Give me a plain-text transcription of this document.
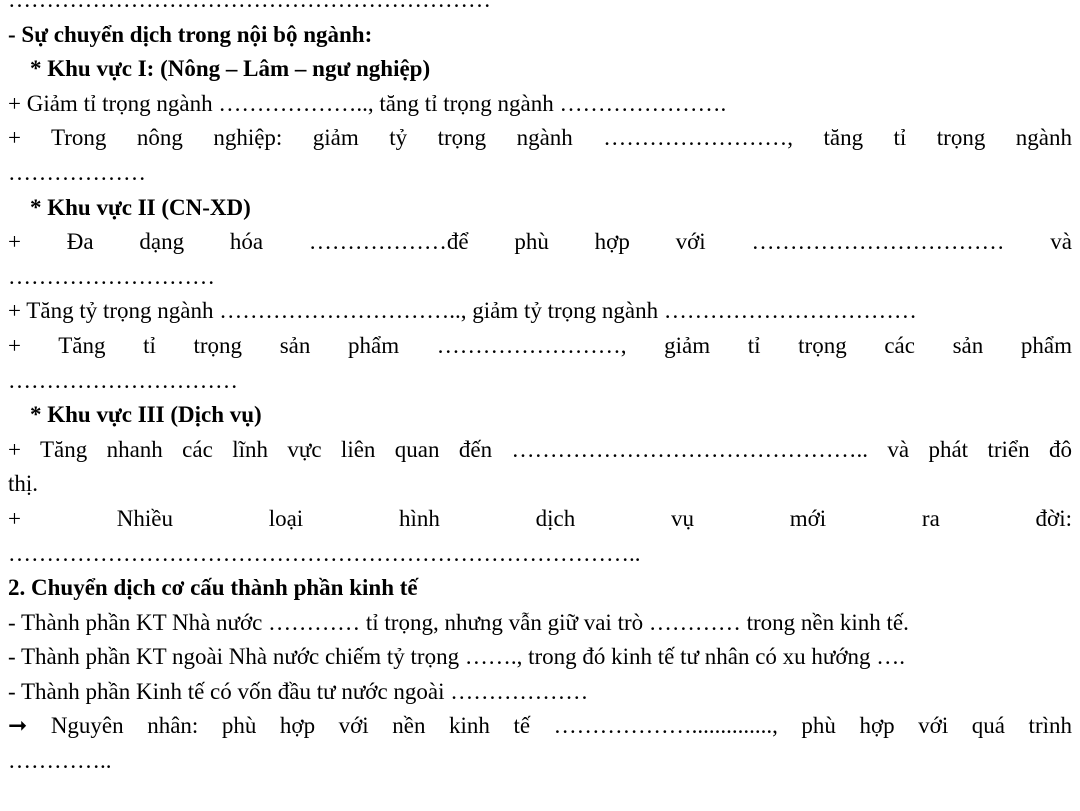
- Sự chuyển dịch trong nội bộ ngành:
* Khu vực I: (Nông – Lâm – ngư nghiệp)
+ Giảm tỉ trọng ngành ……………….., tăng tỉ trọng ngành ………………….
+ Trong nông nghiệp: giảm tỷ trọng ngành ……………………, tăng tỉ trọng ngành
………………
* Khu vực II (CN-XD)
+ Đa dạng hóa ………………để phù hợp với …………………………… và
………………………
+ Tăng tỷ trọng ngành ………………………….., giảm tỷ trọng ngành ……………………………
+ Tăng tỉ trọng sản phẩm ……………………, giảm tỉ trọng các sản phẩm
…………………………
* Khu vực III (Dịch vụ)
+ Tăng nhanh các lĩnh vực liên quan đến ……………………………………….. và phát triển đô
thị.
+ Nhiều loại hình dịch vụ mới ra đời:
………………………………………………………………………..
2. Chuyển dịch cơ cấu thành phần kinh tế
- Thành phần KT Nhà nước ………… tỉ trọng, nhưng vẫn giữ vai trò ………… trong nền kinh tế.
- Thành phần KT ngoài Nhà nước chiếm tỷ trọng ……., trong đó kinh tế tư nhân có xu hướng ….
- Thành phần Kinh tế có vốn đầu tư nước ngoài ………………
➞ Nguyên nhân: phù hợp với nền kinh tế ……………….............., phù hợp với quá trình
…………..
